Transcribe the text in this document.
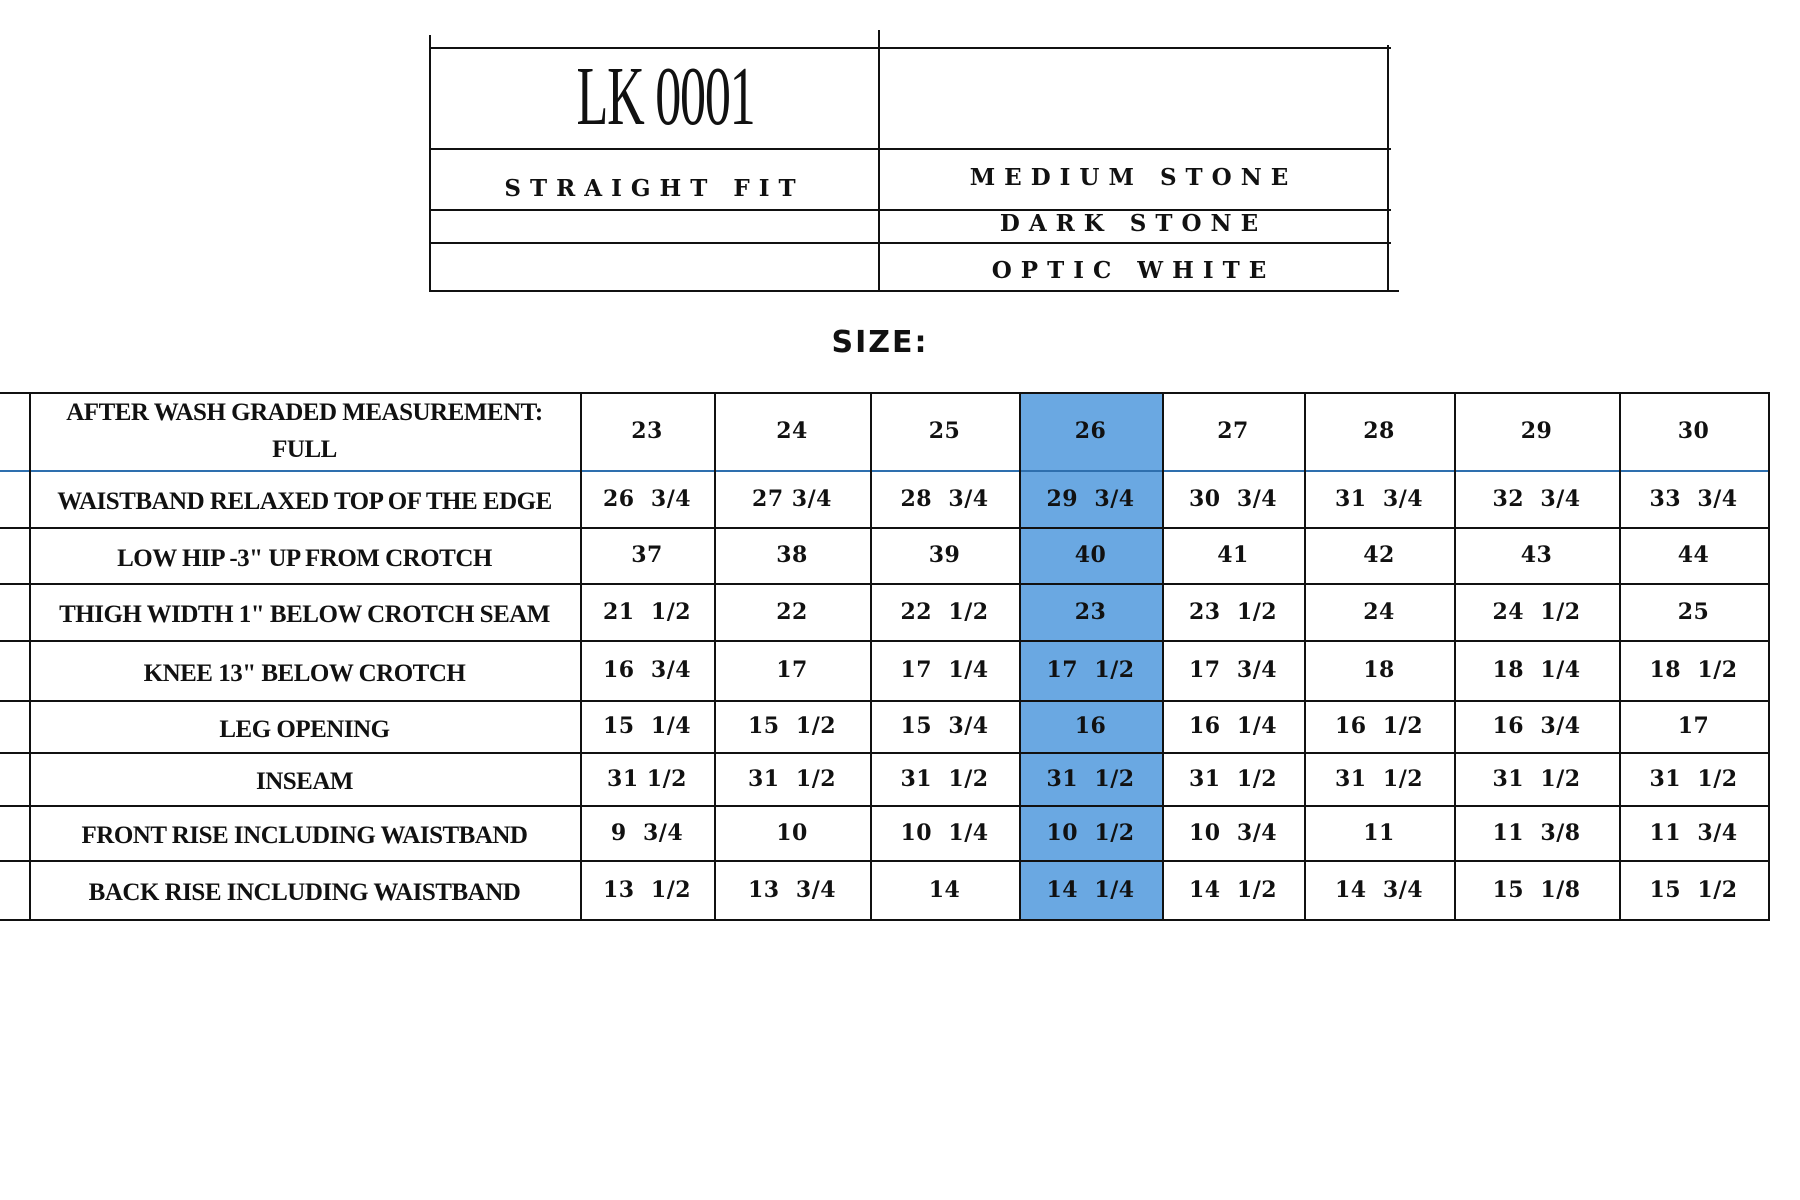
LK 0001
STRAIGHT FIT	MEDIUM STONE
DARK STONE
OPTIC WHITE
SIZE:
AFTER WASH GRADED MEASUREMENT:
FULL
23	24	25	26	27	28	29	30
WAISTBAND RELAXED TOP OF THE EDGE	26  3/4	27 3/4	28  3/4	29  3/4	30  3/4	31  3/4	32  3/4	33  3/4
LOW HIP -3" UP FROM CROTCH	37	38	39	40	41	42	43	44
THIGH WIDTH 1" BELOW CROTCH SEAM	21  1/2	22	22  1/2	23	23  1/2	24	24  1/2	25
KNEE 13" BELOW CROTCH	16  3/4	17	17  1/4	17  1/2	17  3/4	18	18  1/4	18  1/2
LEG OPENING	15  1/4	15  1/2	15  3/4	16	16  1/4	16  1/2	16  3/4	17
INSEAM	31 1/2	31  1/2	31  1/2	31  1/2	31  1/2	31  1/2	31  1/2	31  1/2
FRONT RISE INCLUDING WAISTBAND	9  3/4	10	10  1/4	10  1/2	10  3/4	11	11  3/8	11  3/4
BACK RISE INCLUDING WAISTBAND	13  1/2	13  3/4	14	14  1/4	14  1/2	14  3/4	15  1/8	15  1/2
